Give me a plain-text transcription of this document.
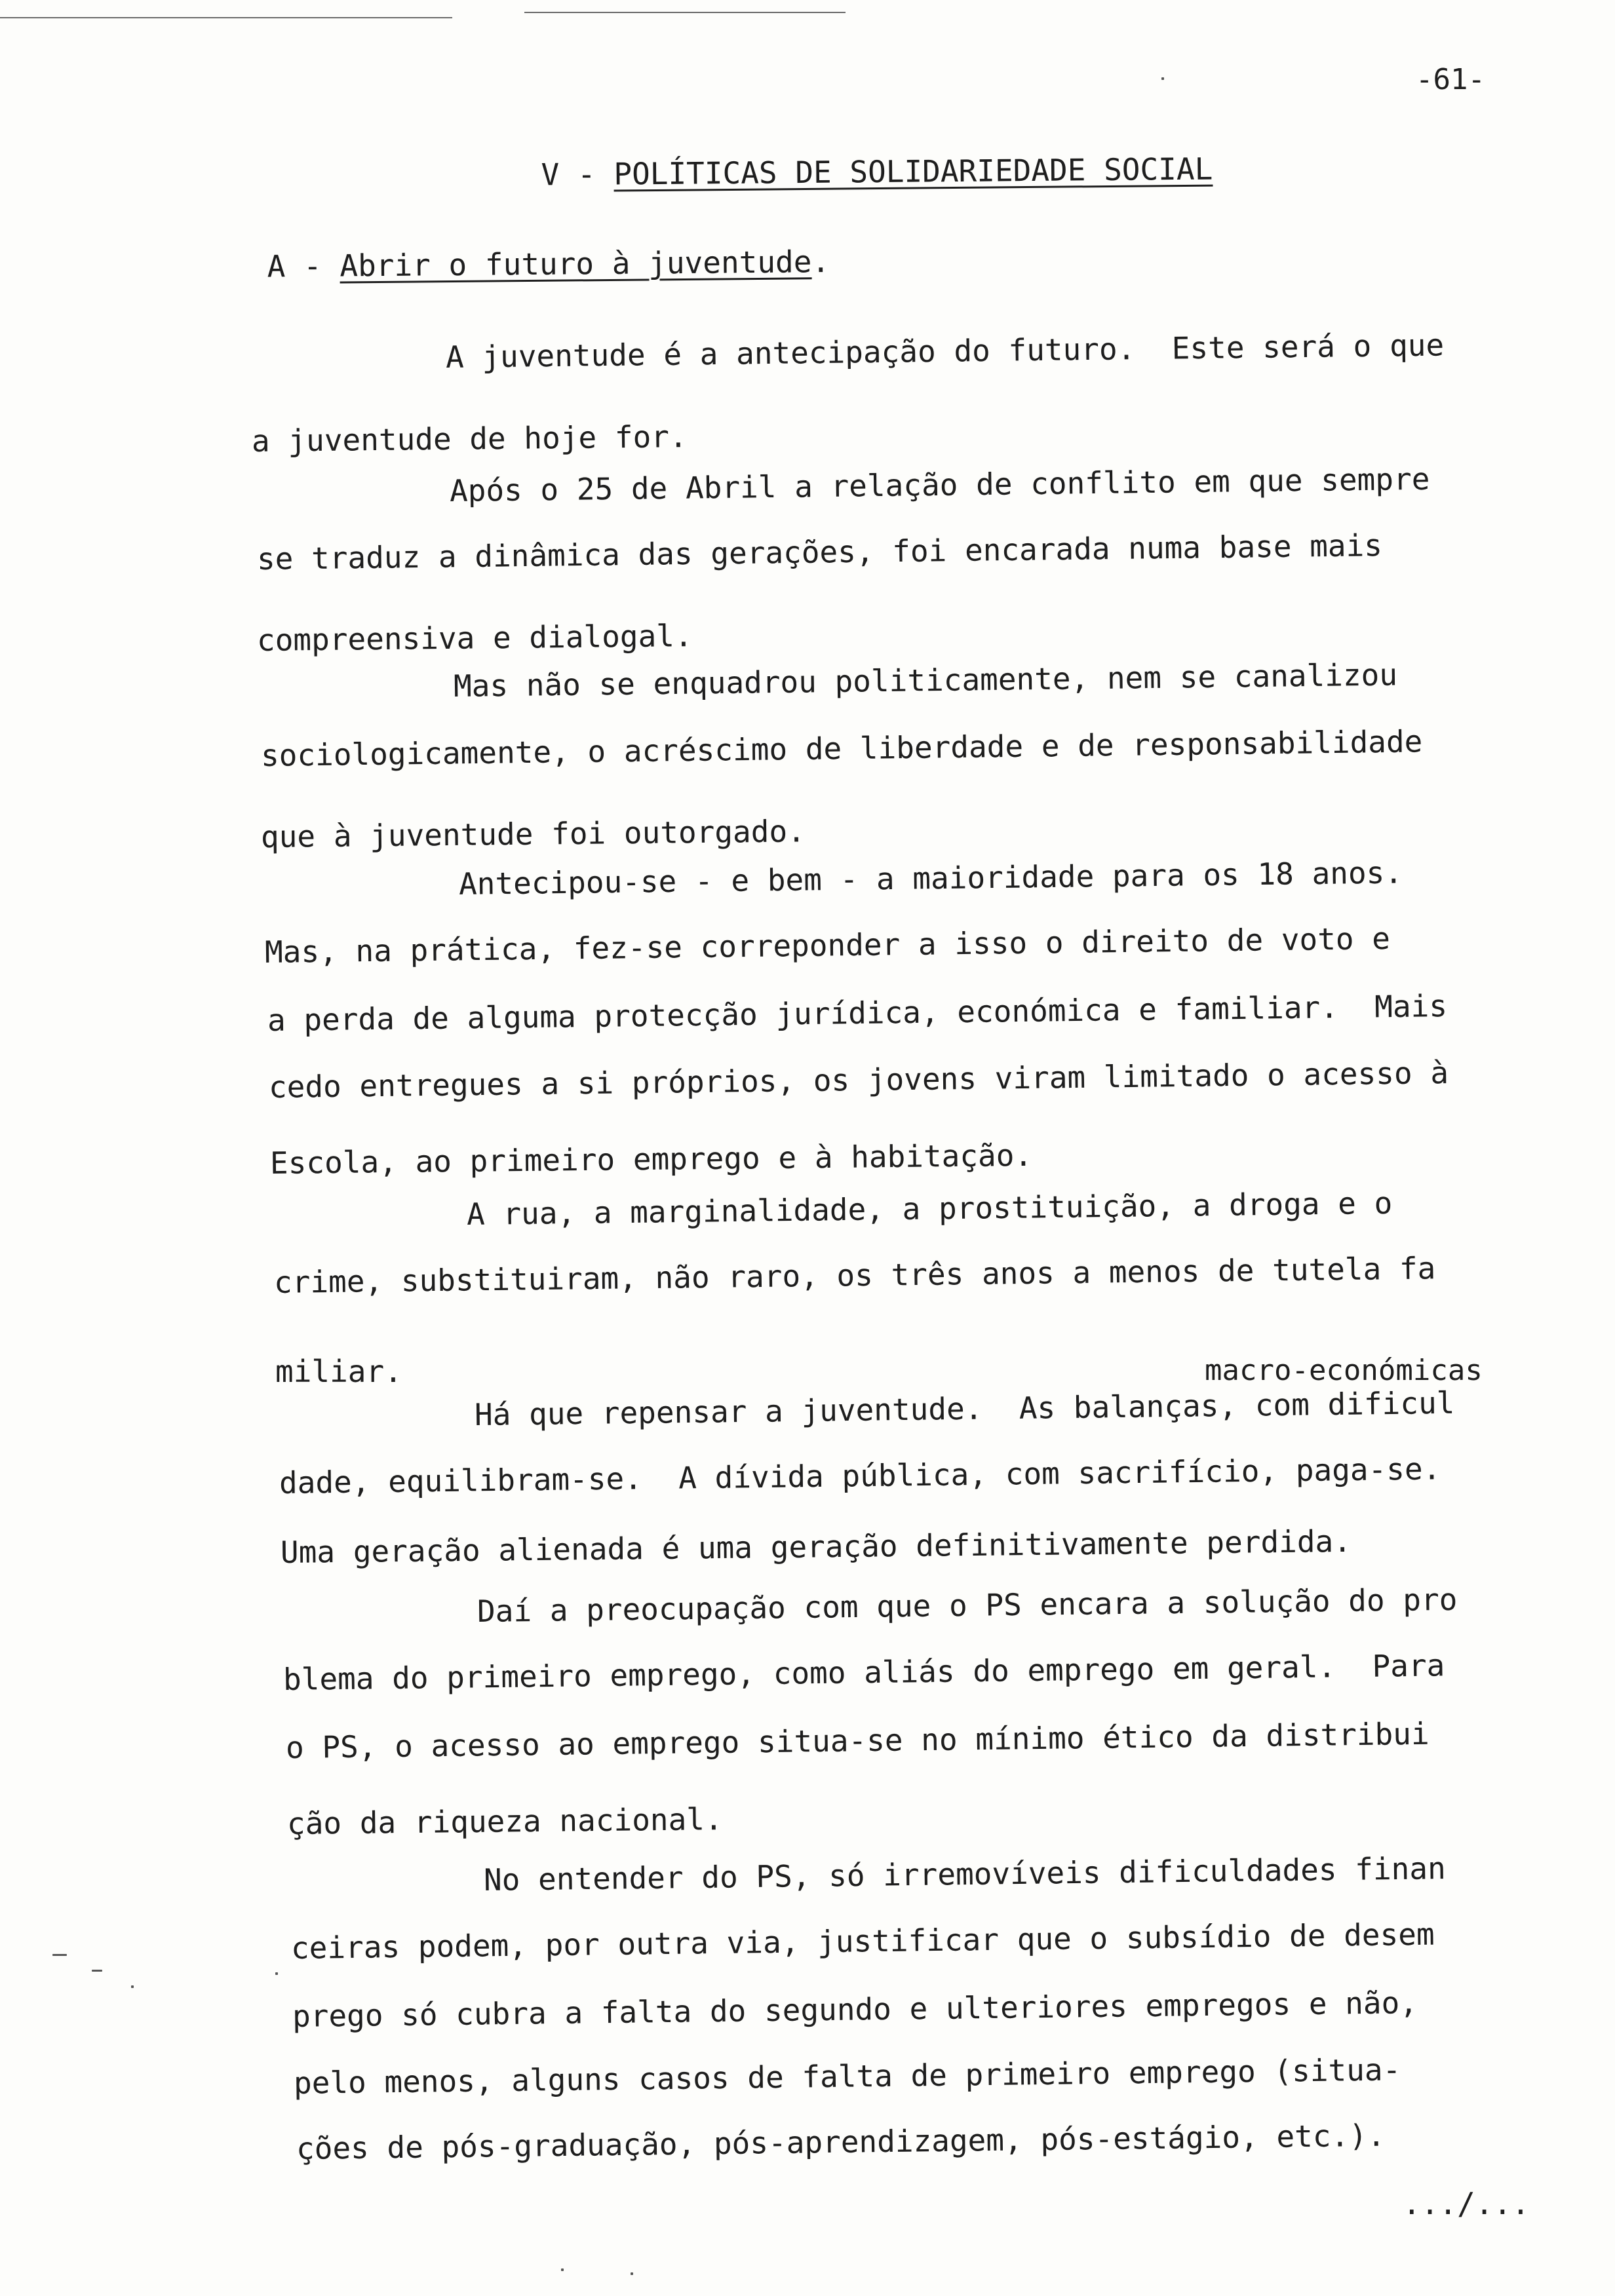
-61-

V - POLÍTICAS DE SOLIDARIEDADE SOCIAL

A - Abrir o futuro à juventude.

A juventude é a antecipação do futuro.  Este será o que
a juventude de hoje for.
Após o 25 de Abril a relação de conflito em que sempre
se traduz a dinâmica das gerações, foi encarada numa base mais
compreensiva e dialogal.
Mas não se enquadrou politicamente, nem se canalizou
sociologicamente, o acréscimo de liberdade e de responsabilidade
que à juventude foi outorgado.
Antecipou-se - e bem - a maioridade para os 18 anos.
Mas, na prática, fez-se correponder a isso o direito de voto e
a perda de alguma protecção jurídica, económica e familiar.  Mais
cedo entregues a si próprios, os jovens viram limitado o acesso à
Escola, ao primeiro emprego e à habitação.
A rua, a marginalidade, a prostituição, a droga e o
crime, substituiram, não raro, os três anos a menos de tutela fa
miliar.	macro-económicas
Há que repensar a juventude.  As balanças, com dificul
dade, equilibram-se.  A dívida pública, com sacrifício, paga-se.
Uma geração alienada é uma geração definitivamente perdida.
Daí a preocupação com que o PS encara a solução do pro
blema do primeiro emprego, como aliás do emprego em geral.  Para
o PS, o acesso ao emprego situa-se no mínimo ético da distribui
ção da riqueza nacional.
No entender do PS, só irremovíveis dificuldades finan
ceiras podem, por outra via, justificar que o subsídio de desem
prego só cubra a falta do segundo e ulteriores empregos e não,
pelo menos, alguns casos de falta de primeiro emprego (situa-
ções de pós-graduação, pós-aprendizagem, pós-estágio, etc.).
.../...
